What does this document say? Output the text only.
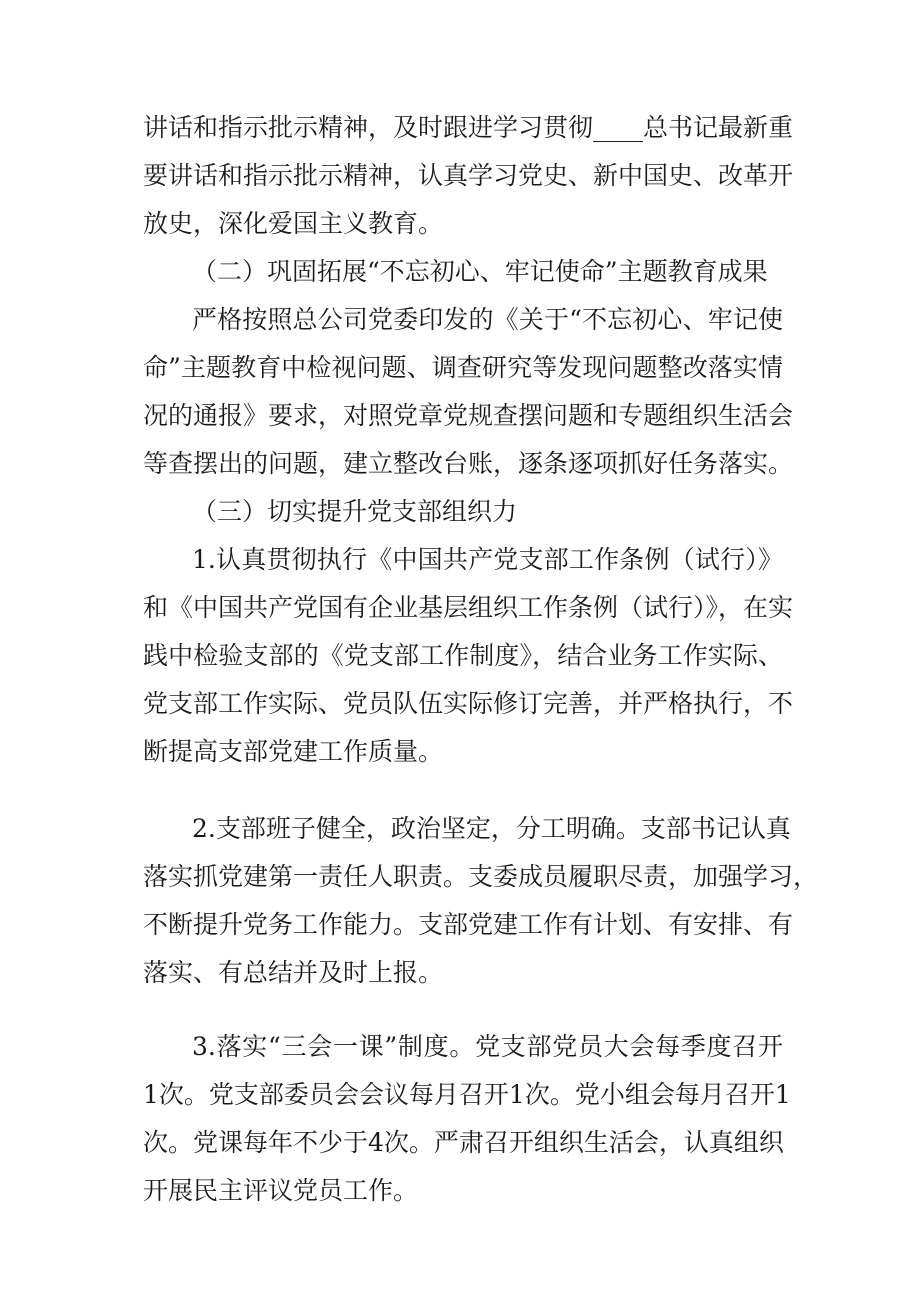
讲话和指示批示精神，及时跟进学习贯彻____总书记最新重
要讲话和指示批示精神，认真学习党史、新中国史、改革开
放史，深化爱国主义教育。
（二）巩固拓展“不忘初心、牢记使命”主题教育成果
严格按照总公司党委印发的《关于“不忘初心、牢记使
命”主题教育中检视问题、调查研究等发现问题整改落实情
况的通报》要求，对照党章党规查摆问题和专题组织生活会
等查摆出的问题，建立整改台账，逐条逐项抓好任务落实。
（三）切实提升党支部组织力
1.认真贯彻执行《中国共产党支部工作条例（试行）》
和《中国共产党国有企业基层组织工作条例（试行）》，在实
践中检验支部的《党支部工作制度》，结合业务工作实际、
党支部工作实际、党员队伍实际修订完善，并严格执行，不
断提高支部党建工作质量。
2.支部班子健全，政治坚定，分工明确。支部书记认真
落实抓党建第一责任人职责。支委成员履职尽责，加强学习，
不断提升党务工作能力。支部党建工作有计划、有安排、有
落实、有总结并及时上报。
3.落实“三会一课”制度。党支部党员大会每季度召开
1次。党支部委员会会议每月召开1次。党小组会每月召开1
次。党课每年不少于4次。严肃召开组织生活会，认真组织
开展民主评议党员工作。
